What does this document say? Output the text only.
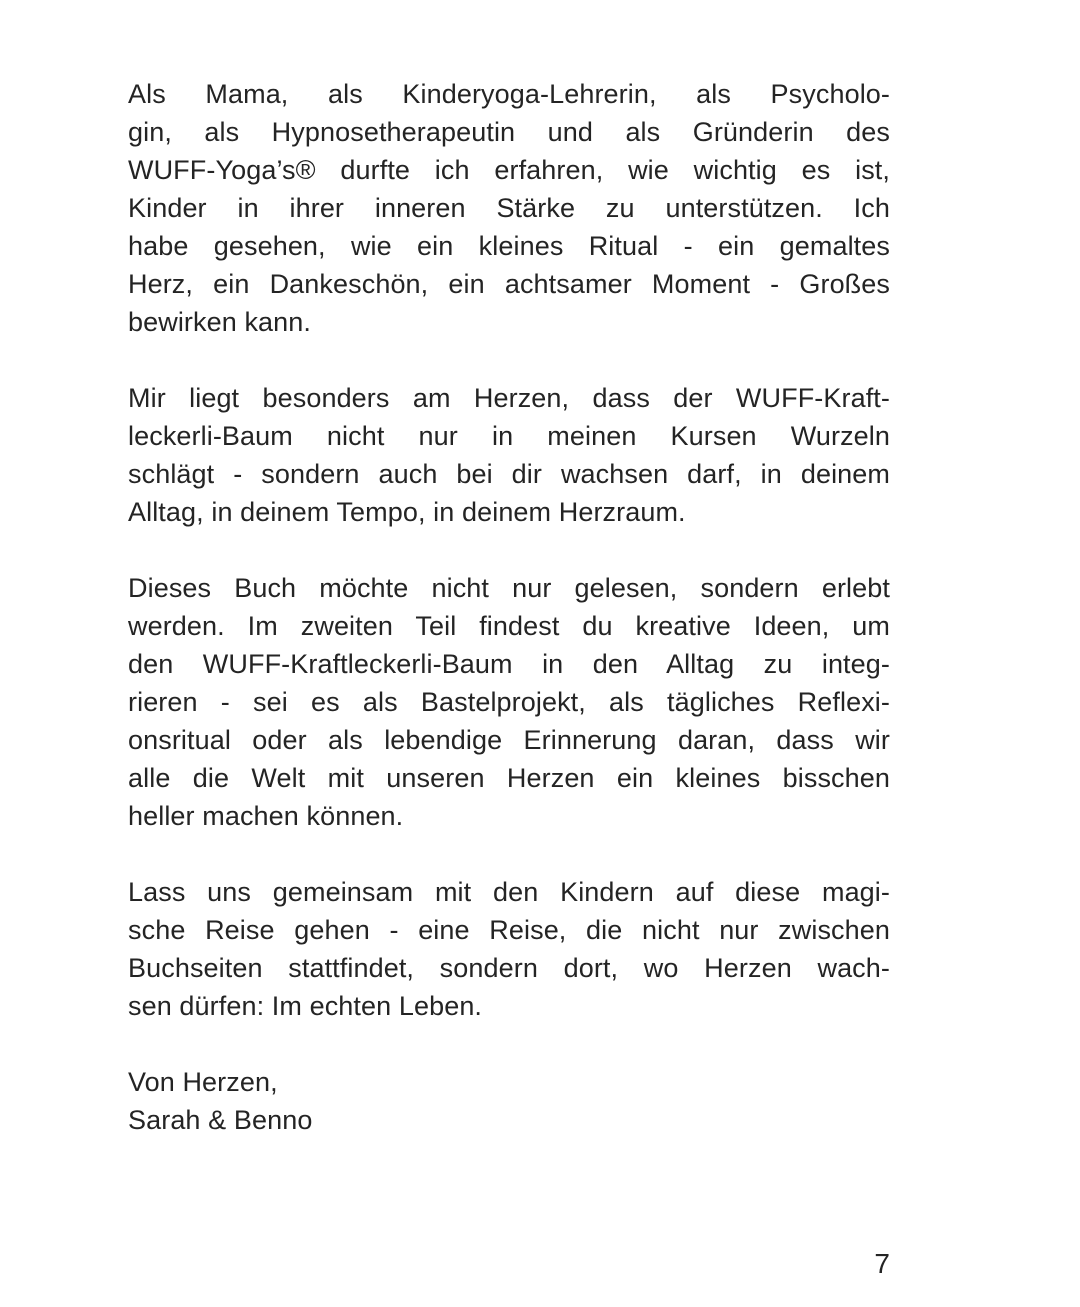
Als Mama, als Kinderyoga-Lehrerin, als Psycholo-
gin, als Hypnosetherapeutin und als Gründerin des
WUFF-Yoga’s® durfte ich erfahren, wie wichtig es ist,
Kinder in ihrer inneren Stärke zu unterstützen. Ich
habe gesehen, wie ein kleines Ritual - ein gemaltes
Herz, ein Dankeschön, ein achtsamer Moment - Großes
bewirken kann.
Mir liegt besonders am Herzen, dass der WUFF-Kraft-
leckerli-Baum nicht nur in meinen Kursen Wurzeln
schlägt - sondern auch bei dir wachsen darf, in deinem
Alltag, in deinem Tempo, in deinem Herzraum.
Dieses Buch möchte nicht nur gelesen, sondern erlebt
werden. Im zweiten Teil findest du kreative Ideen, um
den WUFF-Kraftleckerli-Baum in den Alltag zu integ-
rieren - sei es als Bastelprojekt, als tägliches Reflexi-
onsritual oder als lebendige Erinnerung daran, dass wir
alle die Welt mit unseren Herzen ein kleines bisschen
heller machen können.
Lass uns gemeinsam mit den Kindern auf diese magi-
sche Reise gehen - eine Reise, die nicht nur zwischen
Buchseiten stattfindet, sondern dort, wo Herzen wach-
sen dürfen: Im echten Leben.
Von Herzen,
Sarah & Benno
7
